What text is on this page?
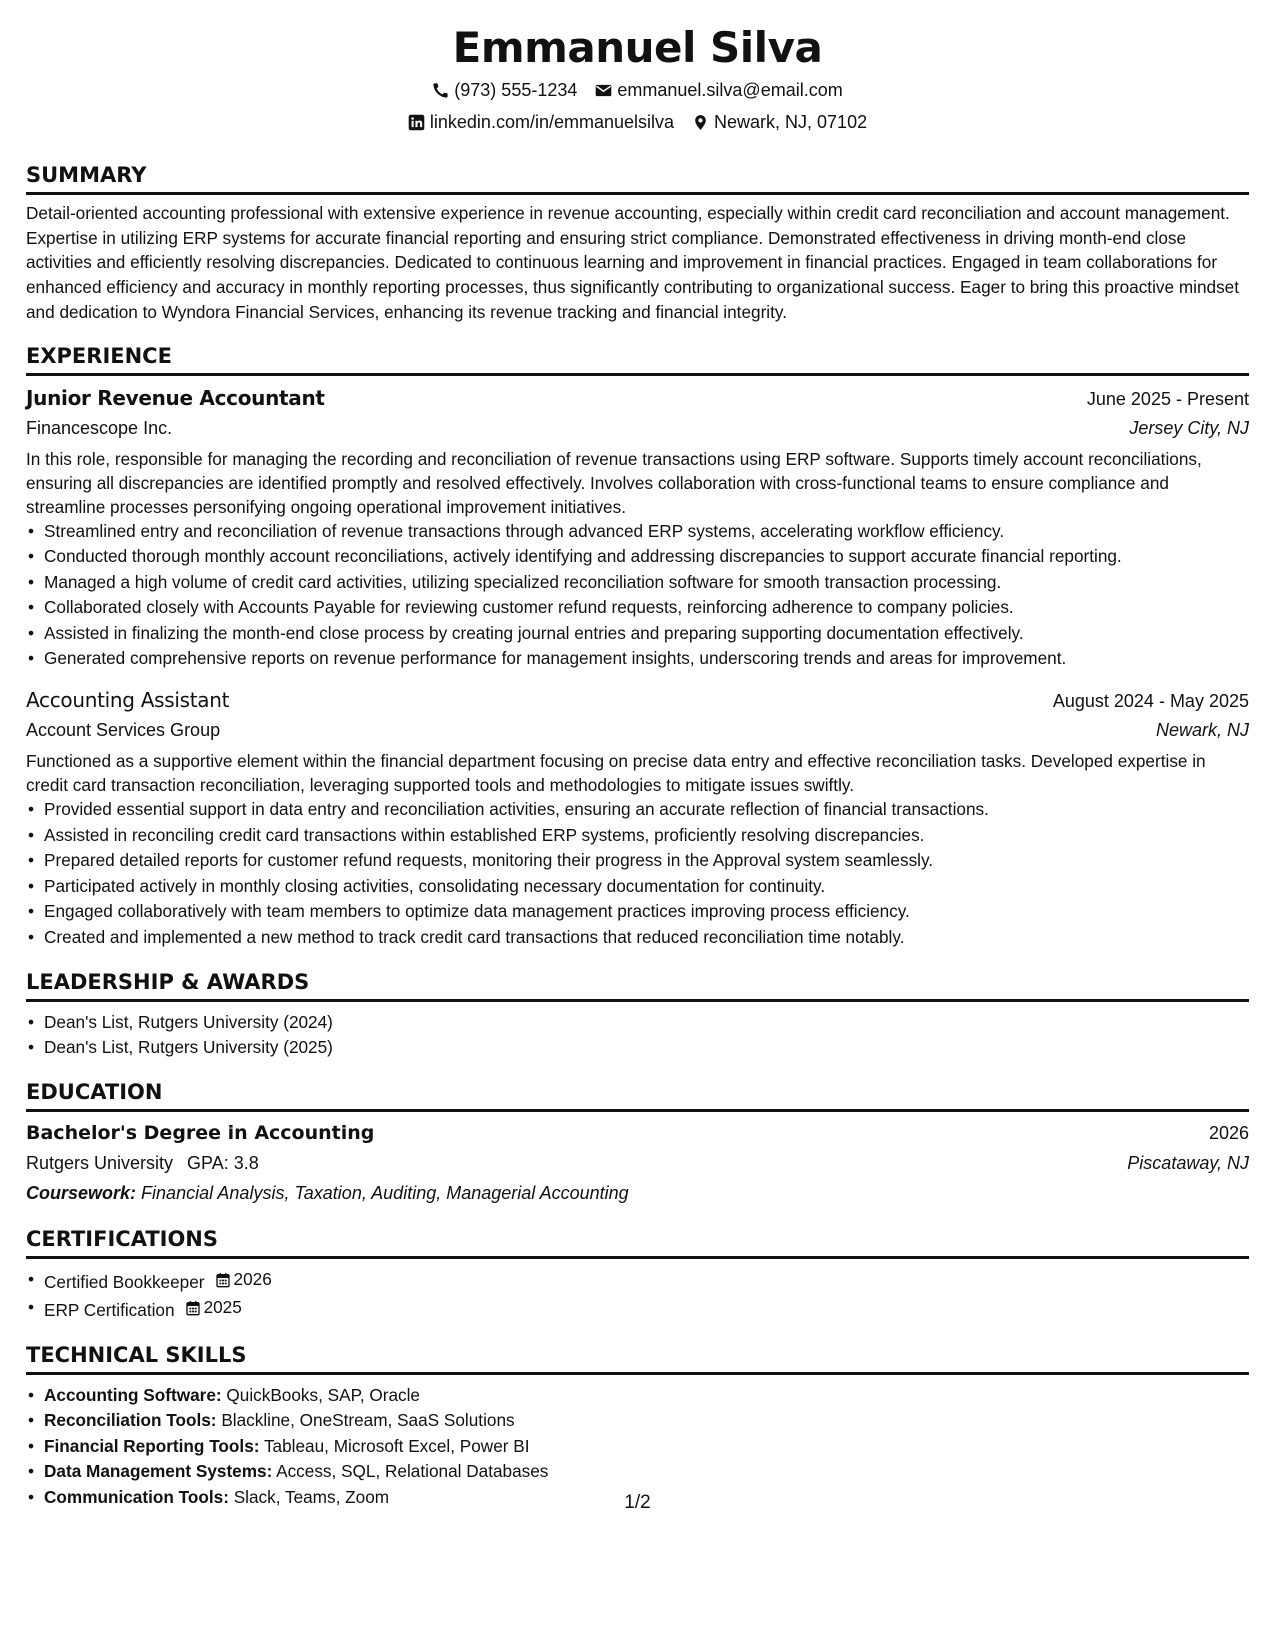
Emmanuel Silva
(973) 555-1234 emmanuel.silva@email.com
linkedin.com/in/emmanuelsilva Newark, NJ, 07102
SUMMARY

Detail-oriented accounting professional with extensive experience in revenue accounting, especially within credit card reconciliation and account management. Expertise in utilizing ERP systems for accurate financial reporting and ensuring strict compliance. Demonstrated effectiveness in driving month-end close activities and efficiently resolving discrepancies. Dedicated to continuous learning and improvement in financial practices. Engaged in team collaborations for enhanced efficiency and accuracy in monthly reporting processes, thus significantly contributing to organizational success. Eager to bring this proactive mindset and dedication to Wyndora Financial Services, enhancing its revenue tracking and financial integrity.

EXPERIENCE
Junior Revenue Accountant	June 2025 - Present
Financescope Inc.	Jersey City, NJ
In this role, responsible for managing the recording and reconciliation of revenue transactions using ERP software. Supports timely account reconciliations, ensuring all discrepancies are identified promptly and resolved effectively. Involves collaboration with cross-functional teams to ensure compliance and streamline processes personifying ongoing operational improvement initiatives.
• Streamlined entry and reconciliation of revenue transactions through advanced ERP systems, accelerating workflow efficiency.
• Conducted thorough monthly account reconciliations, actively identifying and addressing discrepancies to support accurate financial reporting.
• Managed a high volume of credit card activities, utilizing specialized reconciliation software for smooth transaction processing.
• Collaborated closely with Accounts Payable for reviewing customer refund requests, reinforcing adherence to company policies.
• Assisted in finalizing the month-end close process by creating journal entries and preparing supporting documentation effectively.
• Generated comprehensive reports on revenue performance for management insights, underscoring trends and areas for improvement.
Accounting Assistant	August 2024 - May 2025
Account Services Group	Newark, NJ
Functioned as a supportive element within the financial department focusing on precise data entry and effective reconciliation tasks. Developed expertise in credit card transaction reconciliation, leveraging supported tools and methodologies to mitigate issues swiftly.
• Provided essential support in data entry and reconciliation activities, ensuring an accurate reflection of financial transactions.
• Assisted in reconciling credit card transactions within established ERP systems, proficiently resolving discrepancies.
• Prepared detailed reports for customer refund requests, monitoring their progress in the Approval system seamlessly.
• Participated actively in monthly closing activities, consolidating necessary documentation for continuity.
• Engaged collaboratively with team members to optimize data management practices improving process efficiency.
• Created and implemented a new method to track credit card transactions that reduced reconciliation time notably.
LEADERSHIP & AWARDS
• Dean's List, Rutgers University (2024)
• Dean's List, Rutgers University (2025)
EDUCATION
Bachelor's Degree in Accounting	2026
Rutgers University GPA: 3.8	Piscataway, NJ
Coursework: Financial Analysis, Taxation, Auditing, Managerial Accounting
CERTIFICATIONS
• Certified Bookkeeper 2026
• ERP Certification 2025
TECHNICAL SKILLS
• Accounting Software: QuickBooks, SAP, Oracle
• Reconciliation Tools: Blackline, OneStream, SaaS Solutions
• Financial Reporting Tools: Tableau, Microsoft Excel, Power BI
• Data Management Systems: Access, SQL, Relational Databases
• Communication Tools: Slack, Teams, Zoom	1/2
